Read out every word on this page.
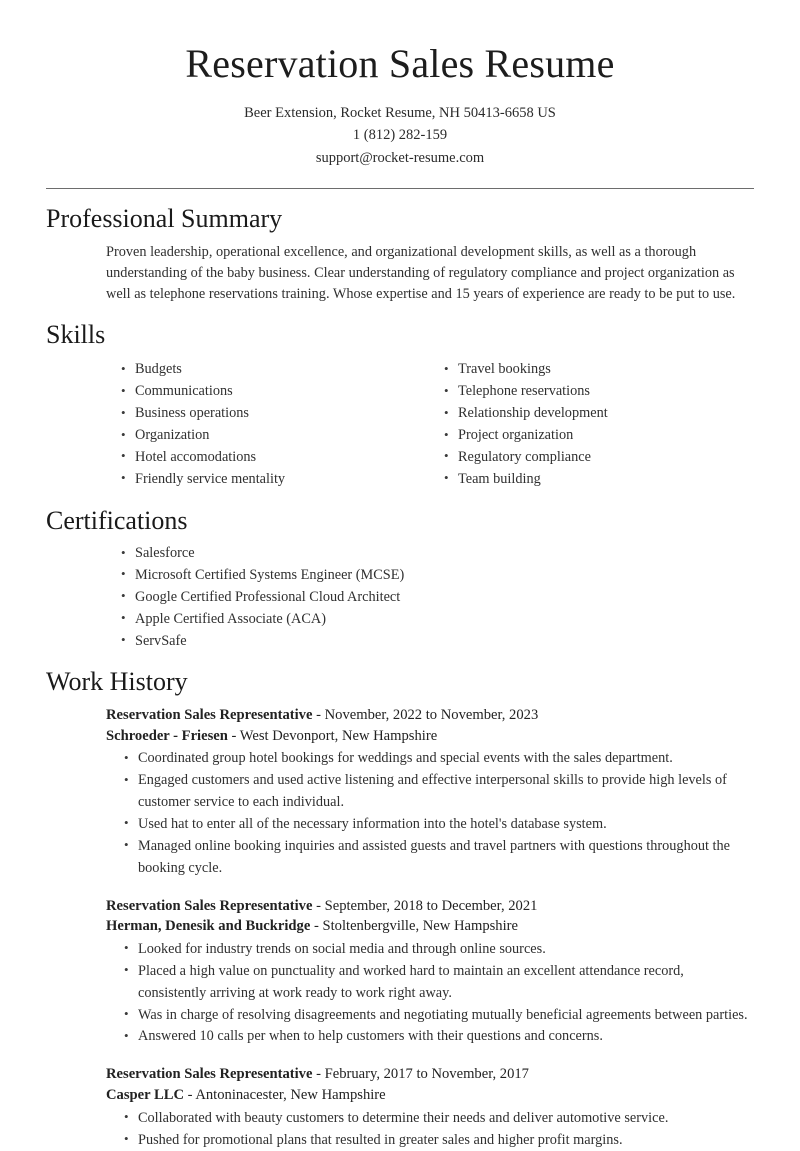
Reservation Sales Resume
Beer Extension, Rocket Resume, NH 50413-6658 US
1 (812) 282-159
support@rocket-resume.com
Professional Summary

Proven leadership, operational excellence, and organizational development skills, as well as a thorough understanding of the baby business. Clear understanding of regulatory compliance and project organization as well as telephone reservations training. Whose expertise and 15 years of experience are ready to be put to use.

Skills
• Budgets
• Communications
• Business operations
• Organization
• Hotel accomodations
• Friendly service mentality
• Travel bookings
• Telephone reservations
• Relationship development
• Project organization
• Regulatory compliance
• Team building
Certifications
• Salesforce
• Microsoft Certified Systems Engineer (MCSE)
• Google Certified Professional Cloud Architect
• Apple Certified Associate (ACA)
• ServSafe
Work History
Reservation Sales Representative - November, 2022 to November, 2023
Schroeder - Friesen - West Devonport, New Hampshire
• Coordinated group hotel bookings for weddings and special events with the sales department.
• Engaged customers and used active listening and effective interpersonal skills to provide high levels of customer service to each individual.
• Used hat to enter all of the necessary information into the hotel's database system.
• Managed online booking inquiries and assisted guests and travel partners with questions throughout the booking cycle.
Reservation Sales Representative - September, 2018 to December, 2021
Herman, Denesik and Buckridge - Stoltenbergville, New Hampshire
• Looked for industry trends on social media and through online sources.
• Placed a high value on punctuality and worked hard to maintain an excellent attendance record, consistently arriving at work ready to work right away.
• Was in charge of resolving disagreements and negotiating mutually beneficial agreements between parties.
• Answered 10 calls per when to help customers with their questions and concerns.
Reservation Sales Representative - February, 2017 to November, 2017
Casper LLC - Antoninacester, New Hampshire
• Collaborated with beauty customers to determine their needs and deliver automotive service.
• Pushed for promotional plans that resulted in greater sales and higher profit margins.
